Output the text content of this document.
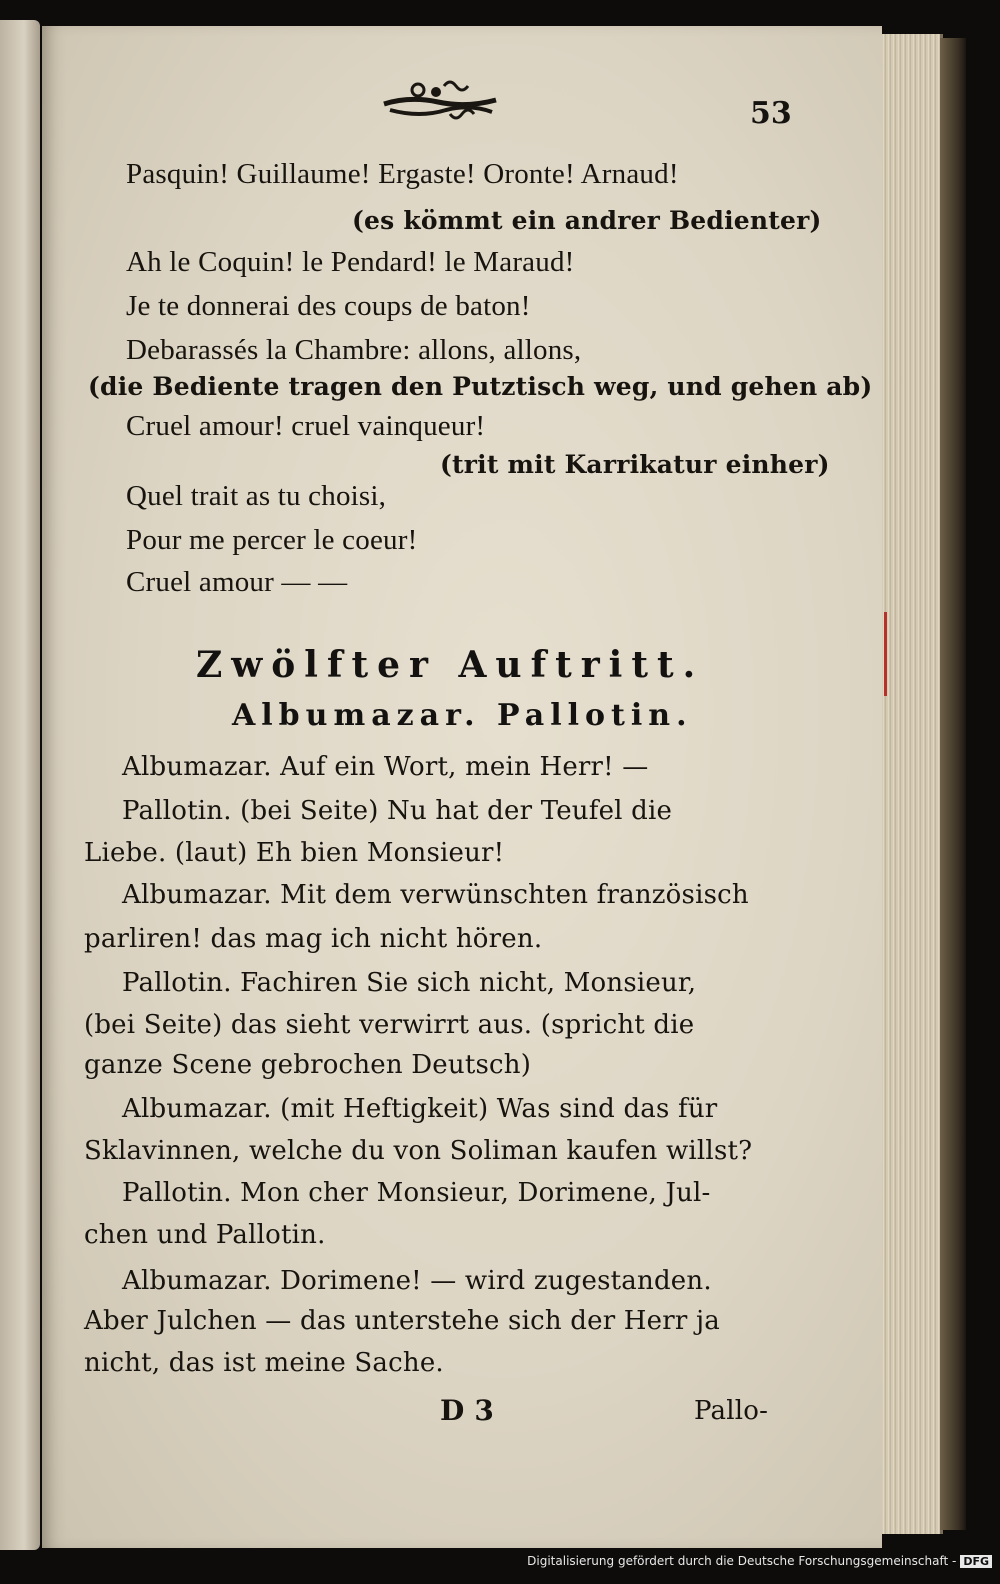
53
Pasquin! Guillaume! Ergaste! Oronte! Arnaud!
(es kömmt ein andrer Bedienter)
Ah le Coquin! le Pendard! le Maraud!
Je te donnerai des coups de baton!
Debarassés la Chambre: allons, allons,
(die Bediente tragen den Putztisch weg, und gehen ab)
Cruel amour! cruel vainqueur!
(trit mit Karrikatur einher)
Quel trait as tu choisi,
Pour me percer le coeur!
Cruel amour — —
Zwölfter Auftritt.
Albumazar. Pallotin.
Albumazar. Auf ein Wort, mein Herr! —
Pallotin. (bei Seite) Nu hat der Teufel die
Liebe. (laut) Eh bien Monsieur!
Albumazar. Mit dem verwünschten französisch
parliren! das mag ich nicht hören.
Pallotin. Fachiren Sie sich nicht, Monsieur,
(bei Seite) das sieht verwirrt aus. (spricht die
ganze Scene gebrochen Deutsch)
Albumazar. (mit Heftigkeit) Was sind das für
Sklavinnen, welche du von Soliman kaufen willst?
Pallotin. Mon cher Monsieur, Dorimene, Jul-
chen und Pallotin.
Albumazar. Dorimene! — wird zugestanden.
Aber Julchen — das unterstehe sich der Herr ja
nicht, das ist meine Sache.
D 3	Pallo-
Digitalisierung gefördert durch die Deutsche Forschungsgemeinschaft - DFG
